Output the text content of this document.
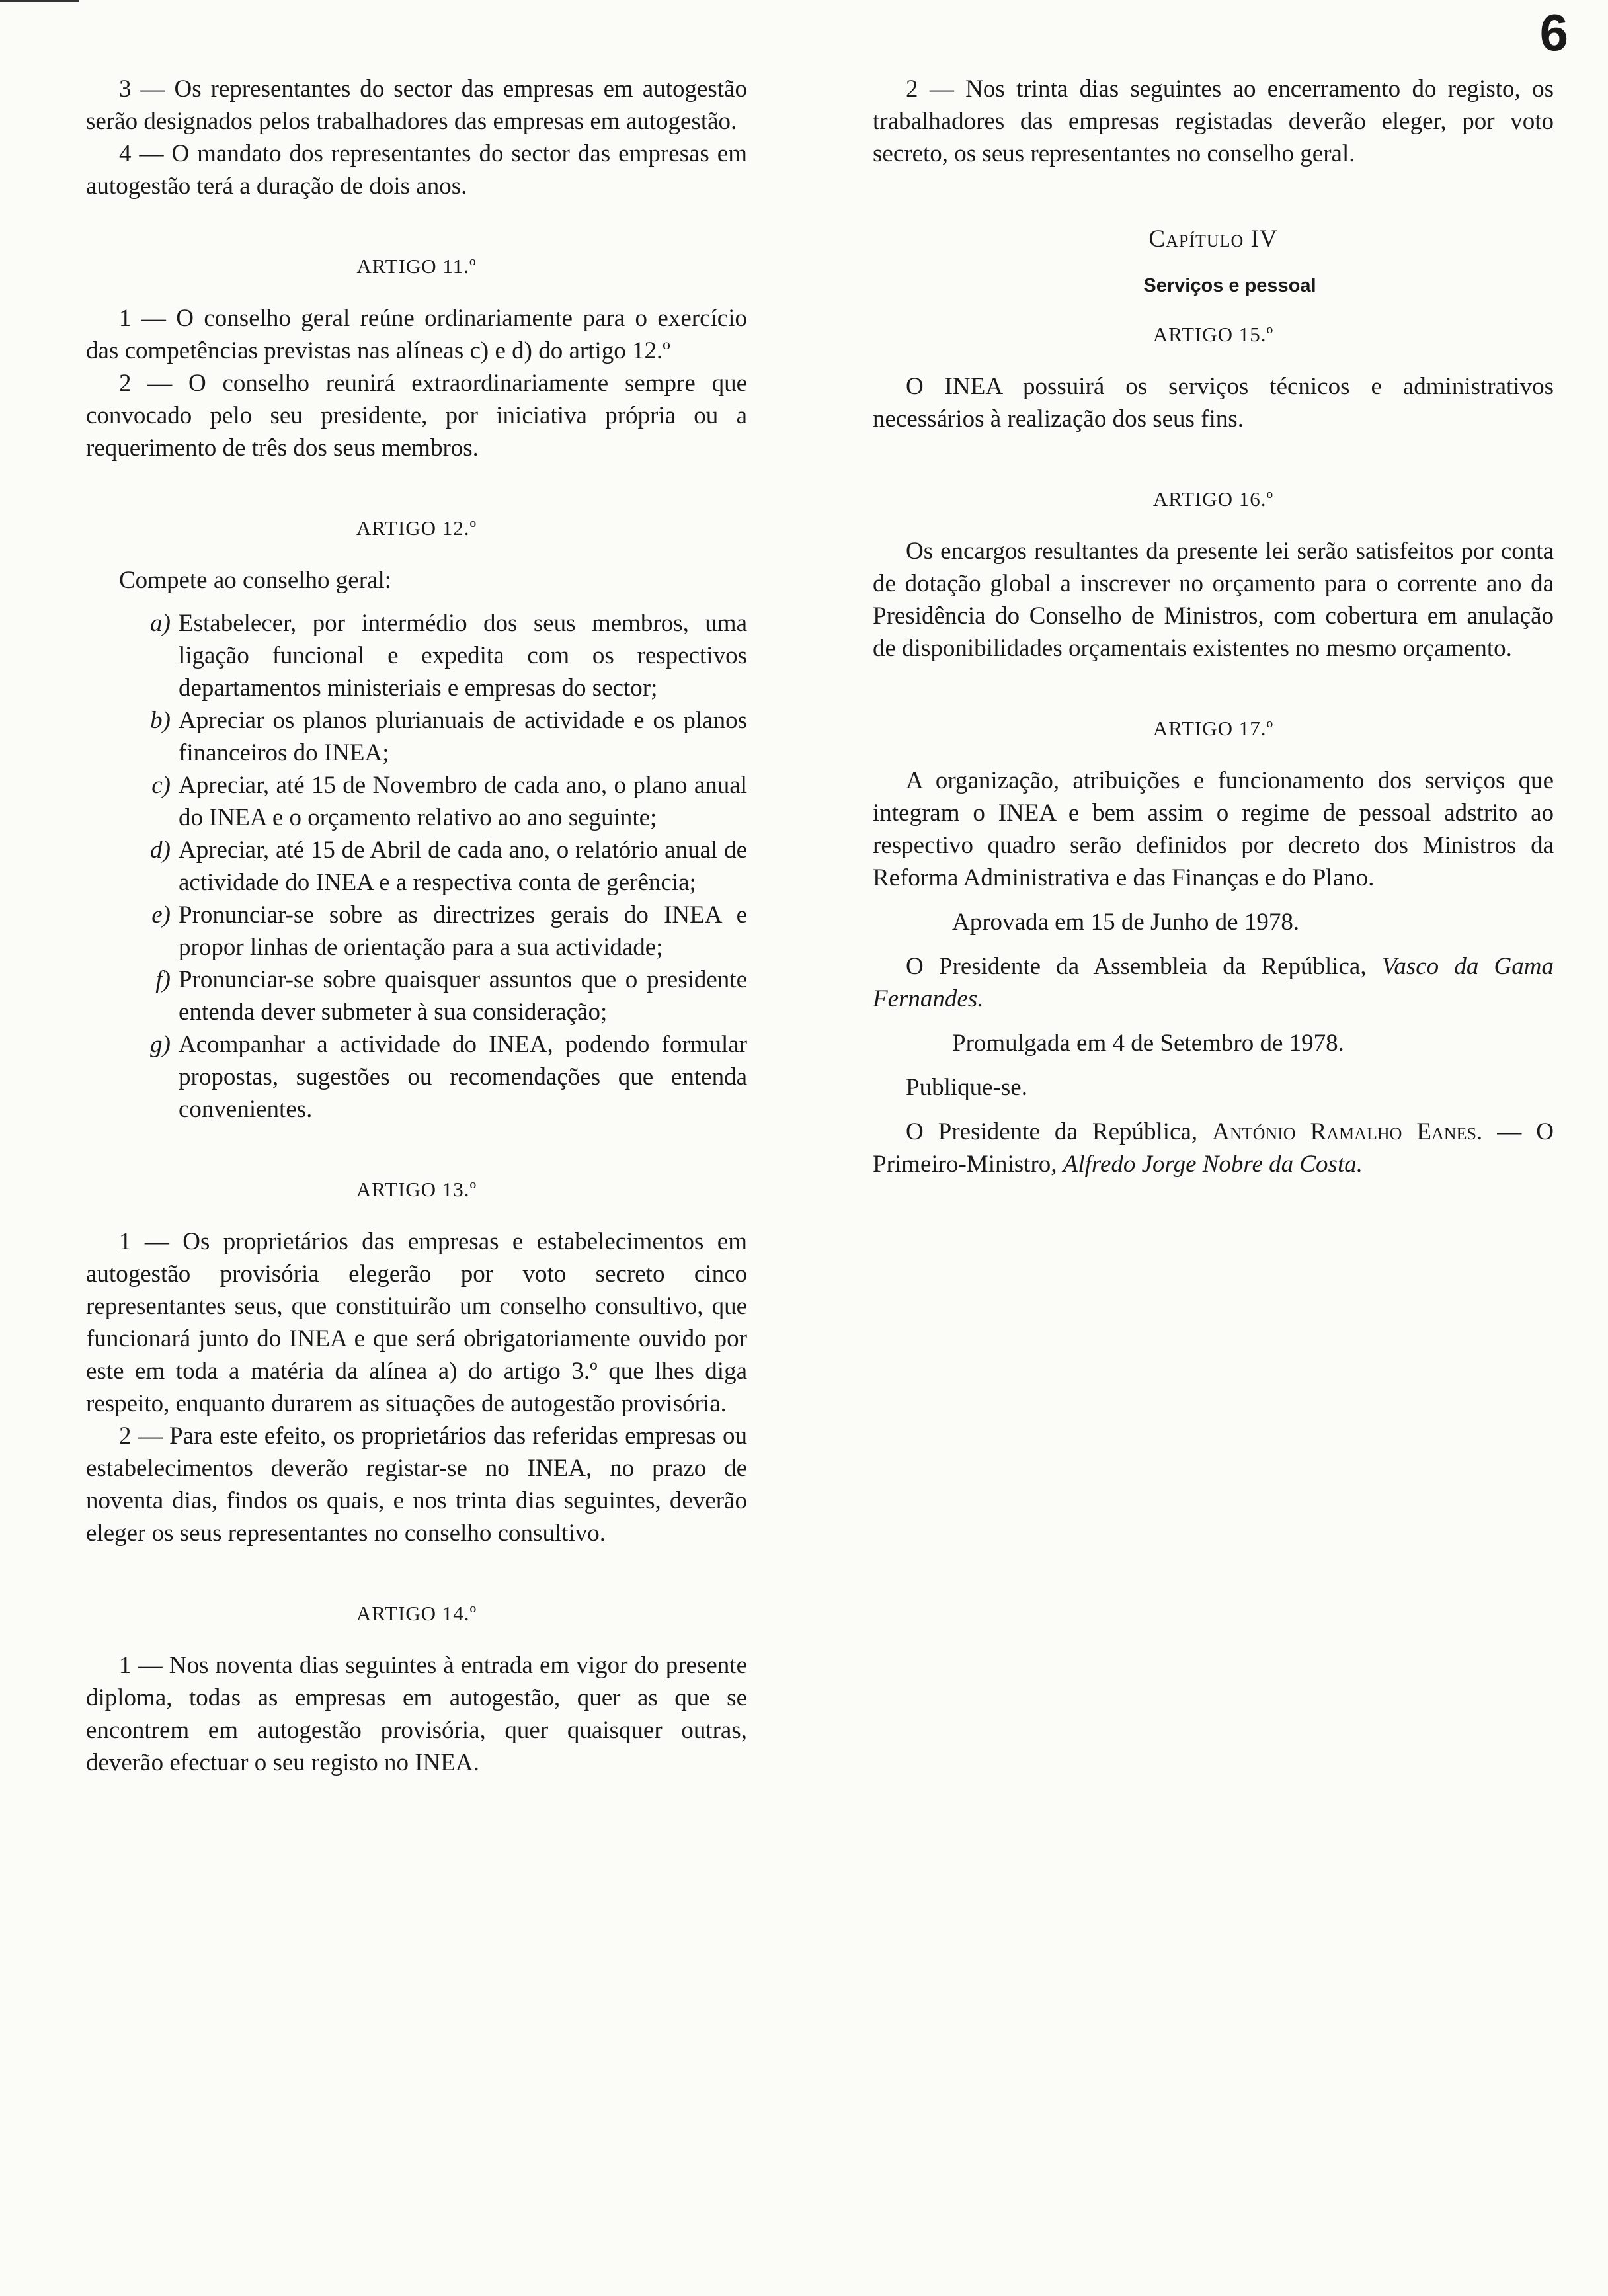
6

3 — Os representantes do sector das empresas em autogestão serão designados pelos trabalhadores das empresas em autogestão.

4 — O mandato dos representantes do sector das empresas em autogestão terá a duração de dois anos.

ARTIGO 11.º

1 — O conselho geral reúne ordinariamente para o exercício das competências previstas nas alíneas c) e d) do artigo 12.º

2 — O conselho reunirá extraordinariamente sempre que convocado pelo seu presidente, por iniciativa própria ou a requerimento de três dos seus membros.

ARTIGO 12.º

Compete ao conselho geral:

a) Estabelecer, por intermédio dos seus membros, uma ligação funcional e expedita com os respectivos departamentos ministeriais e empresas do sector;
b) Apreciar os planos plurianuais de actividade e os planos financeiros do INEA;
c) Apreciar, até 15 de Novembro de cada ano, o plano anual do INEA e o orçamento relativo ao ano seguinte;
d) Apreciar, até 15 de Abril de cada ano, o relatório anual de actividade do INEA e a respectiva conta de gerência;
e) Pronunciar-se sobre as directrizes gerais do INEA e propor linhas de orientação para a sua actividade;
f) Pronunciar-se sobre quaisquer assuntos que o presidente entenda dever submeter à sua consideração;
g) Acompanhar a actividade do INEA, podendo formular propostas, sugestões ou recomendações que entenda convenientes.

ARTIGO 13.º

1 — Os proprietários das empresas e estabelecimentos em autogestão provisória elegerão por voto secreto cinco representantes seus, que constituirão um conselho consultivo, que funcionará junto do INEA e que será obrigatoriamente ouvido por este em toda a matéria da alínea a) do artigo 3.º que lhes diga respeito, enquanto durarem as situações de autogestão provisória.

2 — Para este efeito, os proprietários das referidas empresas ou estabelecimentos deverão registar-se no INEA, no prazo de noventa dias, findos os quais, e nos trinta dias seguintes, deverão eleger os seus representantes no conselho consultivo.

ARTIGO 14.º

1 — Nos noventa dias seguintes à entrada em vigor do presente diploma, todas as empresas em autogestão, quer as que se encontrem em autogestão provisória, quer quaisquer outras, deverão efectuar o seu registo no INEA.

2 — Nos trinta dias seguintes ao encerramento do registo, os trabalhadores das empresas registadas deverão eleger, por voto secreto, os seus representantes no conselho geral.

Capítulo IV

Serviços e pessoal

ARTIGO 15.º

O INEA possuirá os serviços técnicos e administrativos necessários à realização dos seus fins.

ARTIGO 16.º

Os encargos resultantes da presente lei serão satisfeitos por conta de dotação global a inscrever no orçamento para o corrente ano da Presidência do Conselho de Ministros, com cobertura em anulação de disponibilidades orçamentais existentes no mesmo orçamento.

ARTIGO 17.º

A organização, atribuições e funcionamento dos serviços que integram o INEA e bem assim o regime de pessoal adstrito ao respectivo quadro serão definidos por decreto dos Ministros da Reforma Administrativa e das Finanças e do Plano.

Aprovada em 15 de Junho de 1978.

O Presidente da Assembleia da República, Vasco da Gama Fernandes.

Promulgada em 4 de Setembro de 1978.

Publique-se.

O Presidente da República, António Ramalho Eanes. — O Primeiro-Ministro, Alfredo Jorge Nobre da Costa.
